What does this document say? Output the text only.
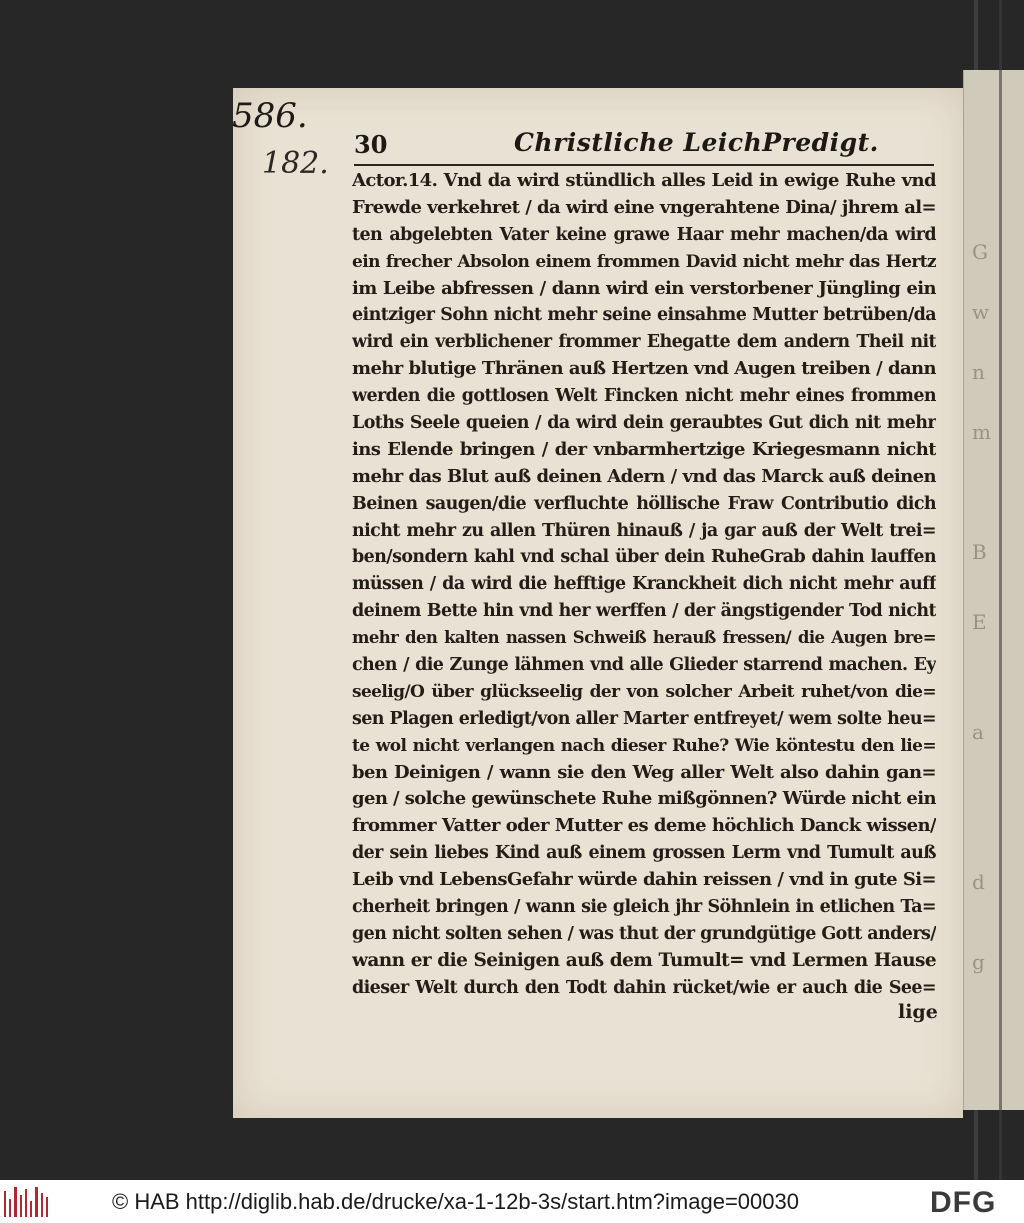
G
w
n
m
B
E
a
d
g
586.
182.
30	Christliche LeichPredigt.
Actor.14. Vnd da wird stündlich alles Leid in ewige Ruhe vnd
Frewde verkehret / da wird eine vngerahtene Dina/ jhrem al=
ten abgelebten Vater keine grawe Haar mehr machen/da wird
ein frecher Absolon einem frommen David nicht mehr das Hertz
im Leibe abfressen / dann wird ein verstorbener Jüngling ein
eintziger Sohn nicht mehr seine einsahme Mutter betrüben/da
wird ein verblichener frommer Ehegatte dem andern Theil nit
mehr blutige Thränen auß Hertzen vnd Augen treiben / dann
werden die gottlosen Welt Fincken nicht mehr eines frommen
Loths Seele queien / da wird dein geraubtes Gut dich nit mehr
ins Elende bringen / der vnbarmhertzige Kriegesmann nicht
mehr das Blut auß deinen Adern / vnd das Marck auß deinen
Beinen saugen/die verfluchte höllische Fraw Contributio dich
nicht mehr zu allen Thüren hinauß / ja gar auß der Welt trei=
ben/sondern kahl vnd schal über dein RuheGrab dahin lauffen
müssen / da wird die hefftige Kranckheit dich nicht mehr auff
deinem Bette hin vnd her werffen / der ängstigender Tod nicht
mehr den kalten nassen Schweiß herauß fressen/ die Augen bre=
chen / die Zunge lähmen vnd alle Glieder starrend machen. Ey
seelig/O über glückseelig der von solcher Arbeit ruhet/von die=
sen Plagen erledigt/von aller Marter entfreyet/ wem solte heu=
te wol nicht verlangen nach dieser Ruhe? Wie köntestu den lie=
ben Deinigen / wann sie den Weg aller Welt also dahin gan=
gen / solche gewünschete Ruhe mißgönnen? Würde nicht ein
frommer Vatter oder Mutter es deme höchlich Danck wissen/
der sein liebes Kind auß einem grossen Lerm vnd Tumult auß
Leib vnd LebensGefahr würde dahin reissen / vnd in gute Si=
cherheit bringen / wann sie gleich jhr Söhnlein in etlichen Ta=
gen nicht solten sehen / was thut der grundgütige Gott anders/
wann er die Seinigen auß dem Tumult= vnd Lermen Hause
dieser Welt durch den Todt dahin rücket/wie er auch die See=
lige
© HAB http://diglib.hab.de/drucke/xa-1-12b-3s/start.htm?image=00030	DFG
